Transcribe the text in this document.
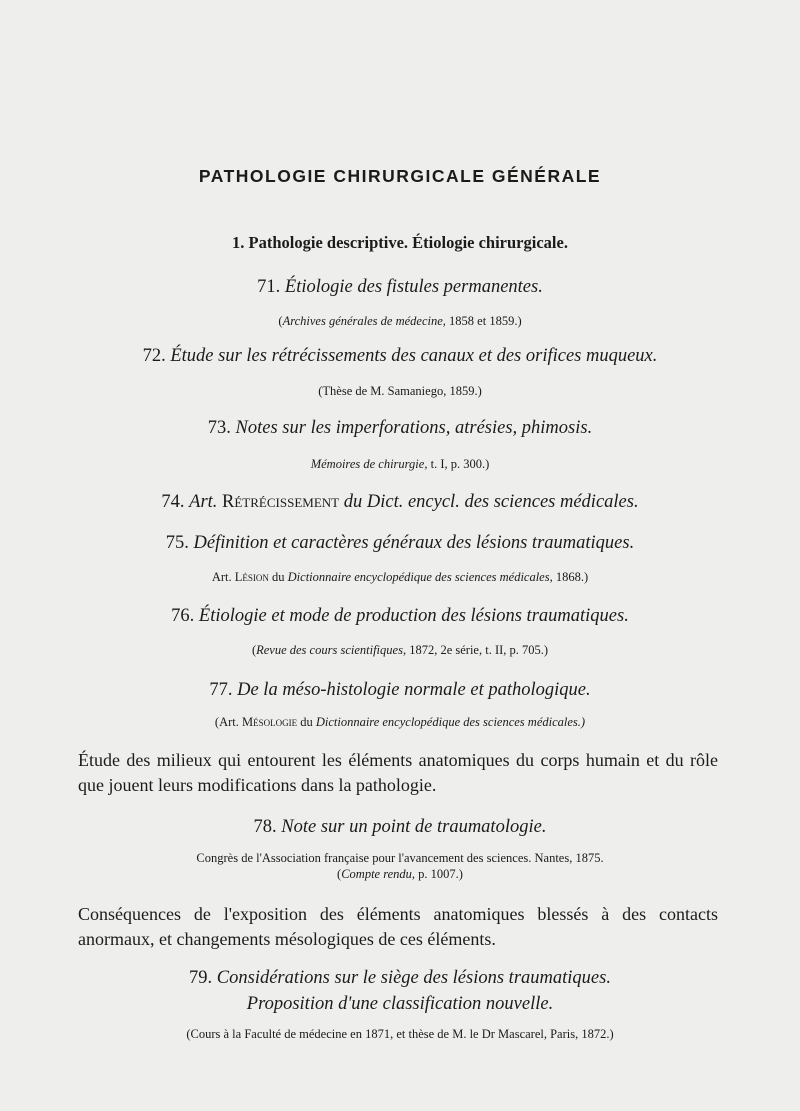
PATHOLOGIE CHIRURGICALE GÉNÉRALE
1. Pathologie descriptive. Étiologie chirurgicale.
71. Étiologie des fistules permanentes.
(Archives générales de médecine, 1858 et 1859.)
72. Étude sur les rétrécissements des canaux et des orifices muqueux.
(Thèse de M. Samaniego, 1859.)
73. Notes sur les imperforations, atrésies, phimosis.
Mémoires de chirurgie, t. I, p. 300.)
74. Art. Rétrécissement du Dict. encycl. des sciences médicales.
75. Définition et caractères généraux des lésions traumatiques.
Art. Lésion du Dictionnaire encyclopédique des sciences médicales, 1868.)
76. Étiologie et mode de production des lésions traumatiques.
(Revue des cours scientifiques, 1872, 2e série, t. II, p. 705.)
77. De la méso-histologie normale et pathologique.
(Art. Mésologie du Dictionnaire encyclopédique des sciences médicales.)
Étude des milieux qui entourent les éléments anatomiques du corps humain et du rôle que jouent leurs modifications dans la pathologie.
78. Note sur un point de traumatologie.
Congrès de l'Association française pour l'avancement des sciences. Nantes, 1875.
(Compte rendu, p. 1007.)
Conséquences de l'exposition des éléments anatomiques blessés à des contacts anormaux, et changements mésologiques de ces éléments.
79. Considérations sur le siège des lésions traumatiques.
Proposition d'une classification nouvelle.
(Cours à la Faculté de médecine en 1871, et thèse de M. le Dr Mascarel, Paris, 1872.)
